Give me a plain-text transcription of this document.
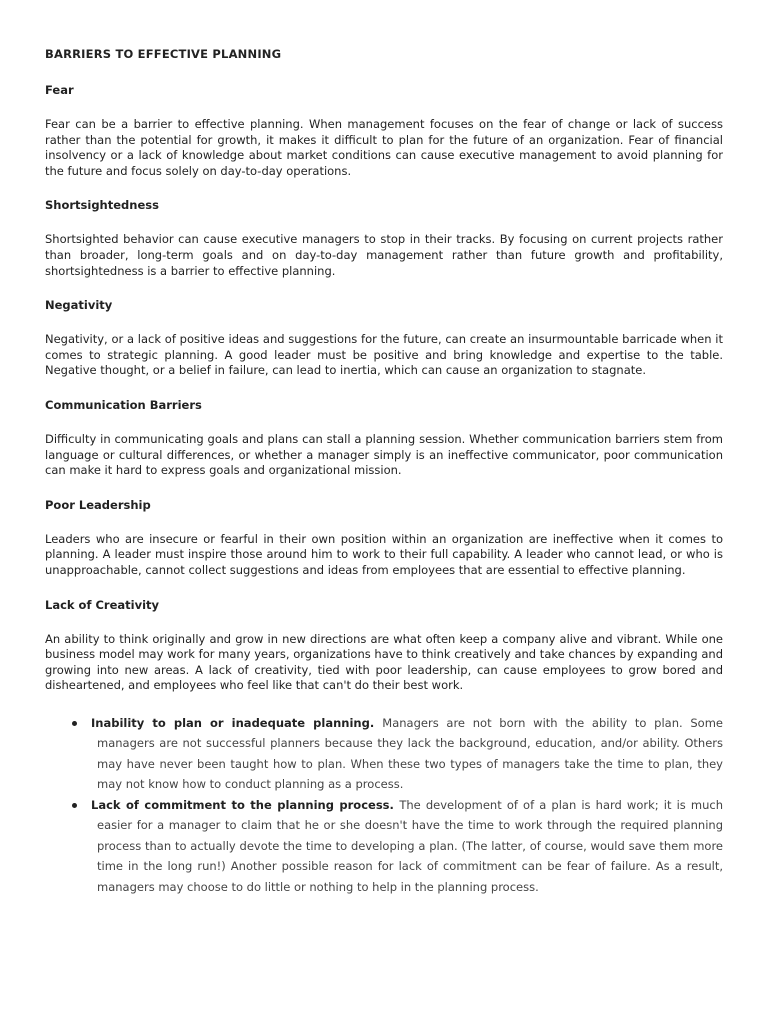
BARRIERS TO EFFECTIVE PLANNING
Fear

Fear can be a barrier to effective planning. When management focuses on the fear of change or lack of success rather than the potential for growth, it makes it difficult to plan for the future of an organization. Fear of financial insolvency or a lack of knowledge about market conditions can cause executive management to avoid planning for the future and focus solely on day-to-day operations.

Shortsightedness

Shortsighted behavior can cause executive managers to stop in their tracks. By focusing on current projects rather than broader, long-term goals and on day-to-day management rather than future growth and profitability, shortsightedness is a barrier to effective planning.

Negativity

Negativity, or a lack of positive ideas and suggestions for the future, can create an insurmountable barricade when it comes to strategic planning. A good leader must be positive and bring knowledge and expertise to the table. Negative thought, or a belief in failure, can lead to inertia, which can cause an organization to stagnate.

Communication Barriers

Difficulty in communicating goals and plans can stall a planning session. Whether communication barriers stem from language or cultural differences, or whether a manager simply is an ineffective communicator, poor communication can make it hard to express goals and organizational mission.

Poor Leadership

Leaders who are insecure or fearful in their own position within an organization are ineffective when it comes to planning. A leader must inspire those around him to work to their full capability. A leader who cannot lead, or who is unapproachable, cannot collect suggestions and ideas from employees that are essential to effective planning.

Lack of Creativity

An ability to think originally and grow in new directions are what often keep a company alive and vibrant. While one business model may work for many years, organizations have to think creatively and take chances by expanding and growing into new areas. A lack of creativity, tied with poor leadership, can cause employees to grow bored and disheartened, and employees who feel like that can't do their best work.

Inability to plan or inadequate planning. Managers are not born with the ability to plan. Some managers are not successful planners because they lack the background, education, and/or ability. Others may have never been taught how to plan. When these two types of managers take the time to plan, they may not know how to conduct planning as a process.
Lack of commitment to the planning process. The development of of a plan is hard work; it is much easier for a manager to claim that he or she doesn't have the time to work through the required planning process than to actually devote the time to developing a plan. (The latter, of course, would save them more time in the long run!) Another possible reason for lack of commitment can be fear of failure. As a result, managers may choose to do little or nothing to help in the planning process.
